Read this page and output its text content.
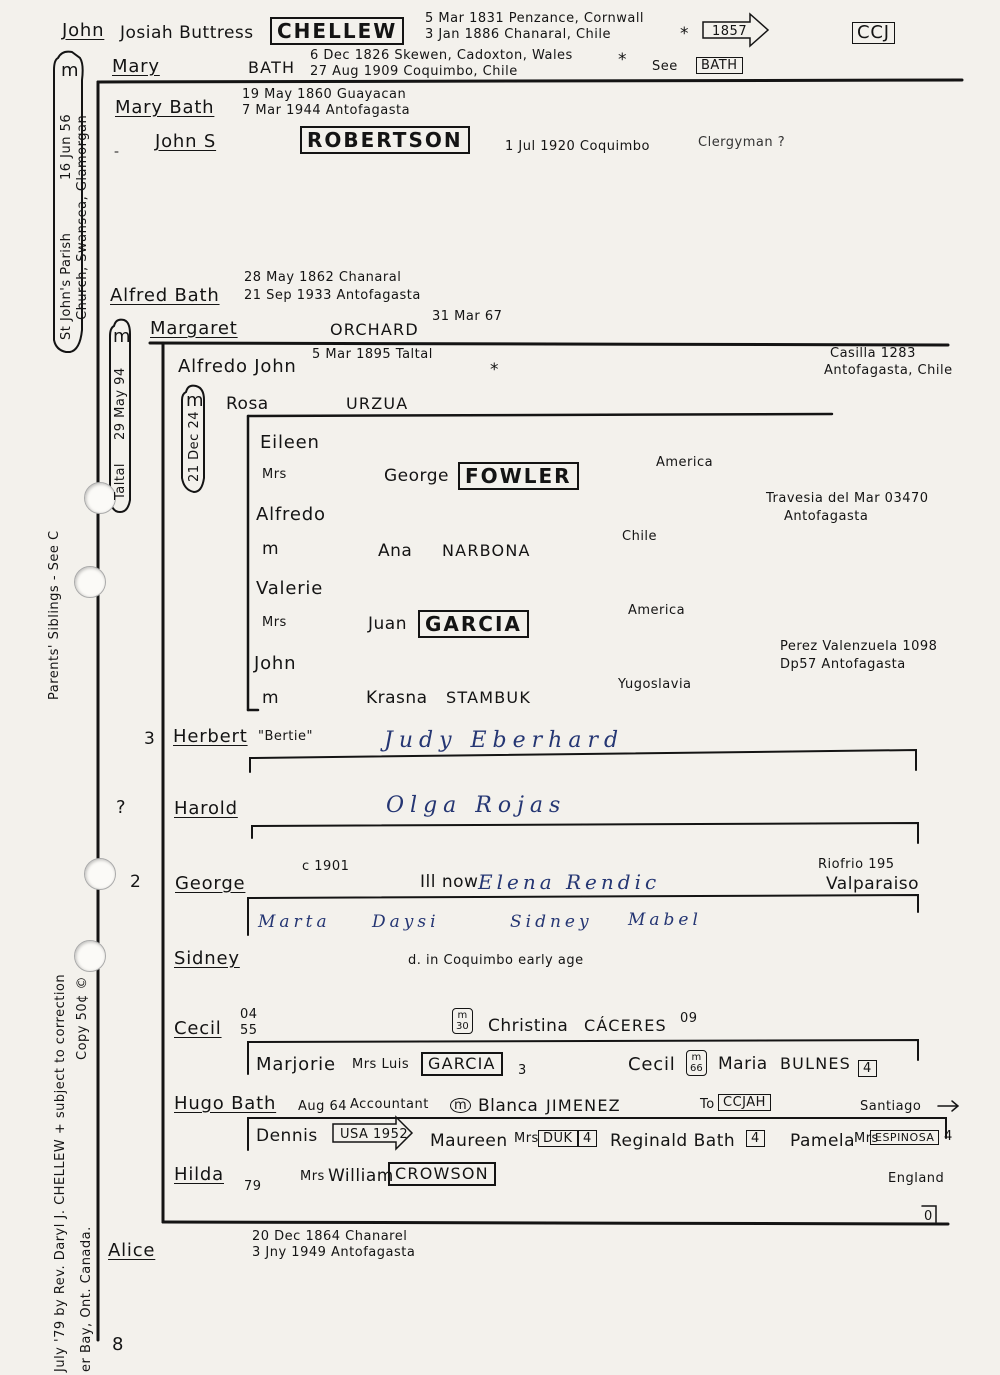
John Josiah Buttress	CHELLEW
5 Mar 1831 Penzance, Cornwall
3 Jan 1886 Chanaral, Chile	* 1857	CCJ
Mary	BATH
6 Dec 1826 Skewen, Cadoxton, Wales
27 Aug 1909 Coquimbo, Chile
* See	BATH
m
St John's Parish Church, Swansea, Glamorgan
16 Jun 56
Mary Bath
19 May 1860 Guayacan
7 Mar 1944 Antofagasta
John S	ROBERTSON	1 Jul 1920 Coquimbo	Clergyman ?
28 May 1862 Chanaral
Alfred Bath 21 Sep 1933 Antofagasta
Margaret	ORCHARD
31 Mar 67
m
Taltal
29 May 94
Alfredo John
5 Mar 1895 Taltal
*
Casilla 1283
Antofagasta, Chile
Rosa	URZUA
m
21 Dec 24	Eileen
Mrs	George FOWLER
America
Alfredo
m	Ana NARBONA
Chile
Travesia del Mar 03470
Antofagasta
Valerie
Mrs	Juan GARCIA
America
John
m	Krasna STAMBUK
Yugoslavia
Perez Valenzuela 1098
Dp57 Antofagasta
3 Herbert "Bertie"	Judy Eberhard
?	Harold	Olga Rojas
2 George
c 1901
Ill now Elena Rendic
Riofrio 195
Valparaiso
Marta Daysi	Sidney Mabel
Sidney	d. in Coquimbo early age
Cecil
04
55
m
30 Christina CÁCERES 09
Marjorie Mrs Luis	GARCIA	3	Cecil m
66 Maria BULNES 4
Hugo Bath Aug 64 Accountant	m Blanca JIMENEZ	To CCJAH	Santiago
Dennis USA 1952 Maureen Mrs DUK 4 Reginald Bath	4 Pamela
Mrs
ESPINOSA 4
Hilda
79
Mrs William CROWSON	England
0
20 Dec 1864 Chanarel
Alice	3 Jny 1949 Antofagasta
Parents' Siblings - See C
July '79 by Rev. Daryl J. CHELLEW + subject to correction er Bay, Ont. Canada.
Copy 50¢ ©
8
